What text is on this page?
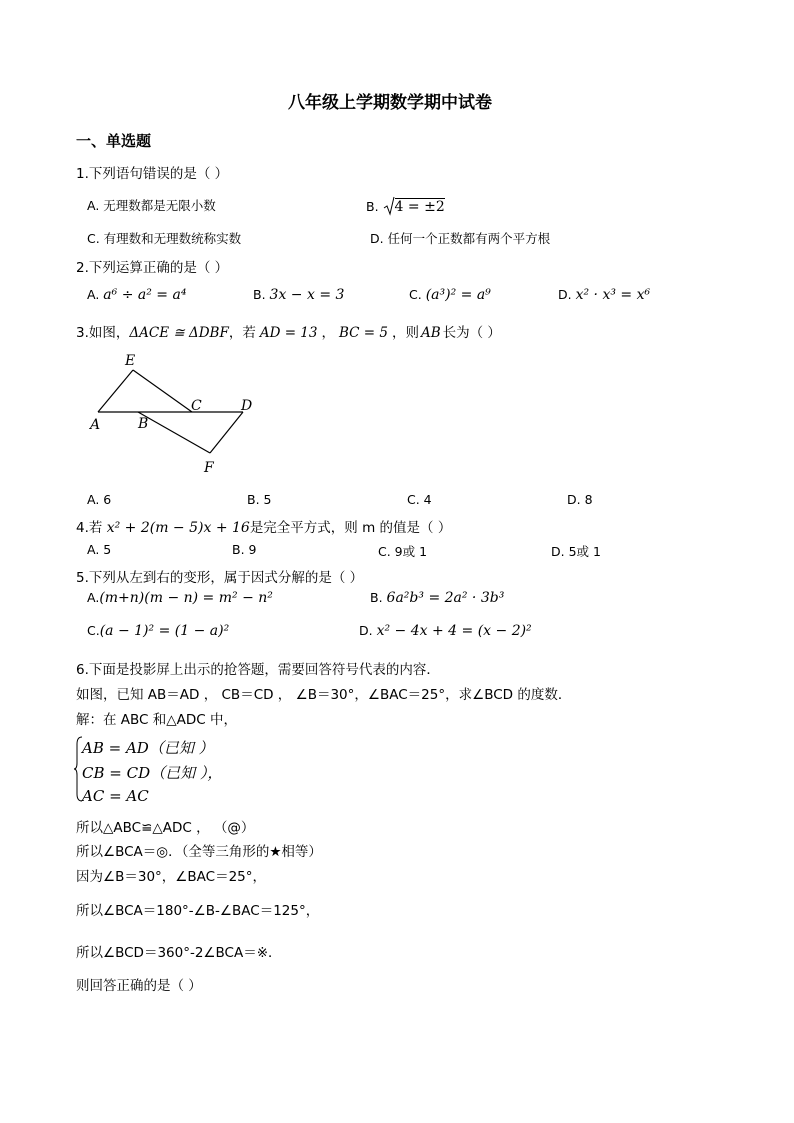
八年级上学期数学期中试卷
一、单选题
1.下列语句错误的是（ ）
A. 无理数都是无限小数	B. 4 = ±2
C. 有理数和无理数统称实数	D. 任何一个正数都有两个平方根
2.下列运算正确的是（ ）
A. a⁶ ÷ a² = a⁴	B. 3x − x = 3	C. (a³)² = a⁹	D. x² · x³ = x⁶
3.如图，ΔACE ≅ ΔDBF，若 AD = 13 ， BC = 5 ，则 AB 长为（ ）
E
C	D
A	B
F
A. 6	B. 5	C. 4	D. 8
4.若 x² + 2(m − 5)x + 16是完全平方式，则 m 的值是（ ）
A. 5	B. 9	C. 9或 1	D. 5或 1
5.下列从左到右的变形，属于因式分解的是（ ）
A.(m+n)(m − n) = m² − n²	B. 6a²b³ = 2a² · 3b³
C.(a − 1)² = (1 − a)²	D. x² − 4x + 4 = (x − 2)²
6.下面是投影屏上出示的抢答题，需要回答符号代表的内容．
如图，已知 AB＝AD ， CB＝CD ， ∠B＝30°，∠BAC＝25°，求∠BCD 的度数．
解：在 ABC 和△ADC 中，
AB = AD（已知 ）
CB = CD（已知 ），
AC = AC
所以△ABC≌△ADC ， （@）
所以∠BCA＝◎．（全等三角形的★相等）
因为∠B＝30°，∠BAC＝25°，
所以∠BCA＝180°-∠B-∠BAC＝125°，
所以∠BCD＝360°-2∠BCA＝※．
则回答正确的是（ ）
